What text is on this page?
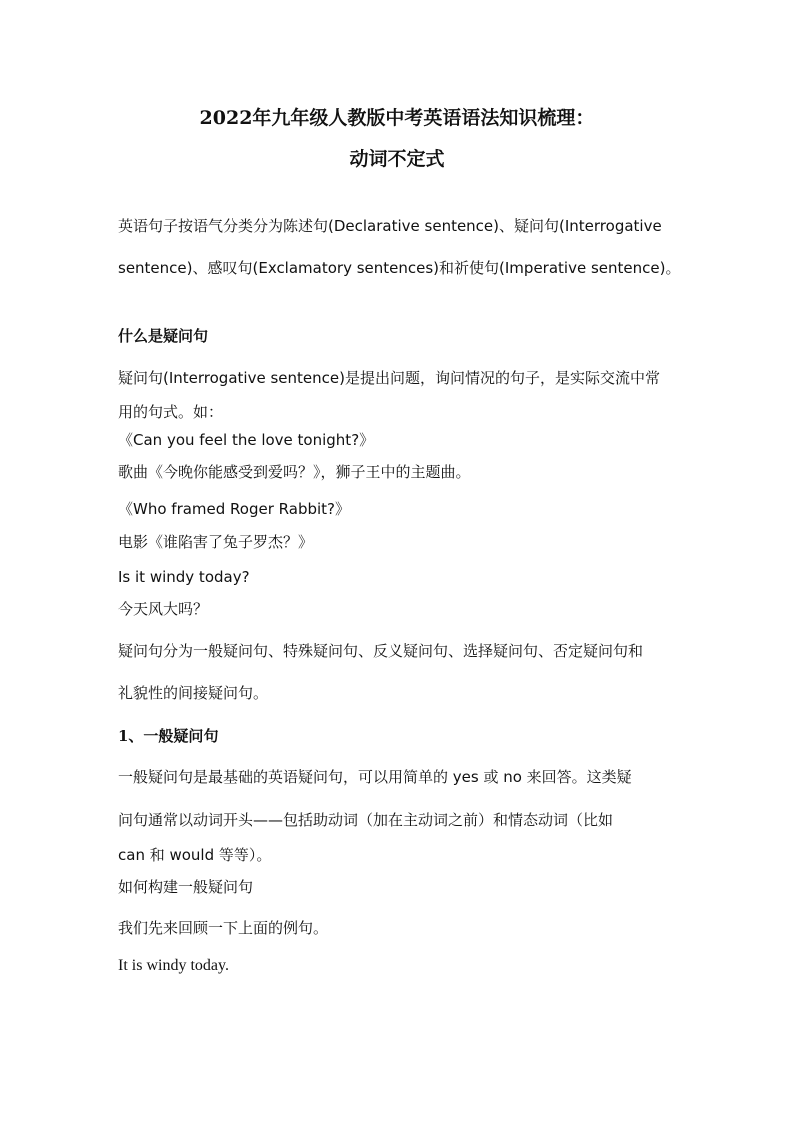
2022年九年级人教版中考英语语法知识梳理：
动词不定式
英语句子按语气分类分为陈述句(Declarative sentence)、疑问句(Interrogative
sentence)、感叹句(Exclamatory sentences)和祈使句(Imperative sentence)。
什么是疑问句
疑问句(Interrogative sentence)是提出问题，询问情况的句子，是实际交流中常
用的句式。如：
《Can you feel the love tonight?》
歌曲《今晚你能感受到爱吗？》，狮子王中的主题曲。
《Who framed Roger Rabbit?》
电影《谁陷害了兔子罗杰？》
Is it windy today?
今天风大吗？
疑问句分为一般疑问句、特殊疑问句、反义疑问句、选择疑问句、否定疑问句和
礼貌性的间接疑问句。
1、一般疑问句
一般疑问句是最基础的英语疑问句，可以用简单的 yes 或 no 来回答。这类疑
问句通常以动词开头——包括助动词（加在主动词之前）和情态动词（比如
can 和 would 等等）。
如何构建一般疑问句
我们先来回顾一下上面的例句。
It is windy today.
